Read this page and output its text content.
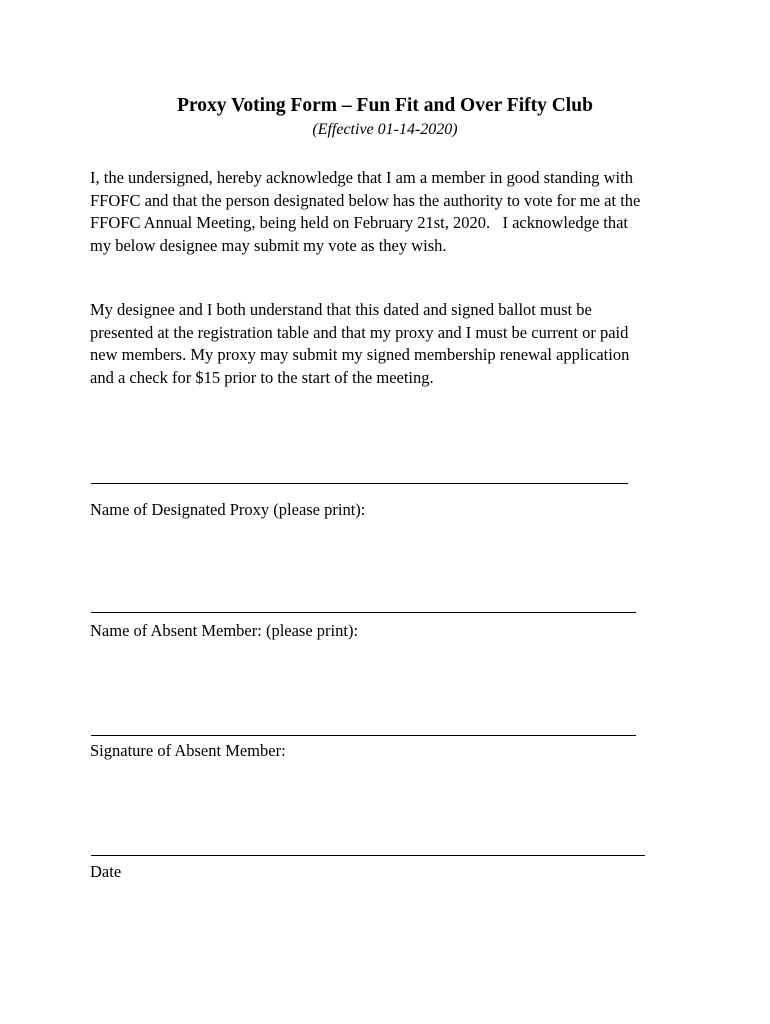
Proxy Voting Form – Fun Fit and Over Fifty Club
(Effective 01-14-2020)
I, the undersigned, hereby acknowledge that I am a member in good standing with
FFOFC and that the person designated below has the authority to vote for me at the
FFOFC Annual Meeting, being held on February 21st, 2020.   I acknowledge that
my below designee may submit my vote as they wish.
My designee and I both understand that this dated and signed ballot must be
presented at the registration table and that my proxy and I must be current or paid
new members. My proxy may submit my signed membership renewal application
and a check for $15 prior to the start of the meeting.
Name of Designated Proxy (please print):
Name of Absent Member: (please print):
Signature of Absent Member:
Date
